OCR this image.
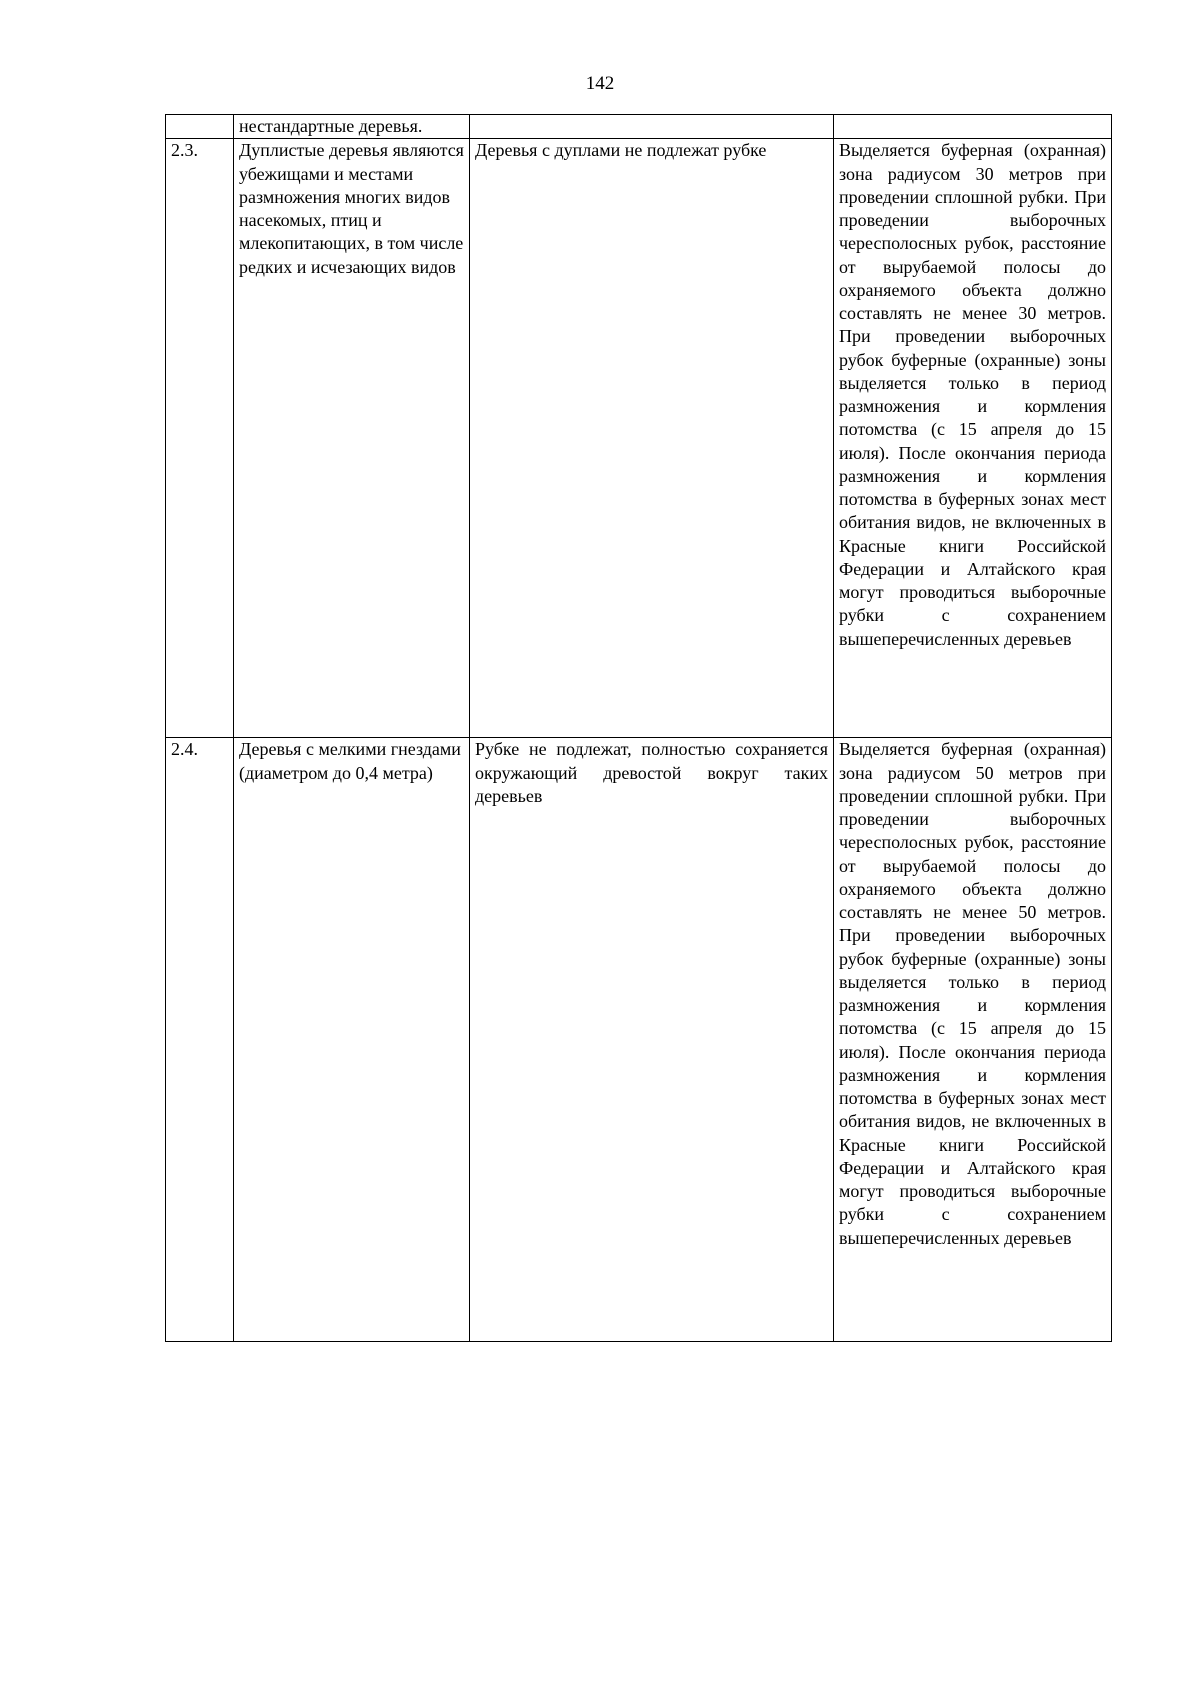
142
	нестандартные деревья.		
2.3.	Дуплистые деревья являются убежищами и местами размножения многих видов насекомых, птиц и млекопитающих, в том числе редких и исчезающих видов	Деревья с дуплами не подлежат рубке	Выделяется буферная (охранная) зона радиусом 30 метров при проведении сплошной рубки. При проведении выборочных чересполосных рубок, расстояние от вырубаемой полосы до охраняемого объекта должно составлять не менее 30 метров. При проведении выборочных рубок буферные (охранные) зоны выделяется только в период размножения и кормления потомства (с 15 апреля до 15 июля). После окончания периода размножения и кормления потомства в буферных зонах мест обитания видов, не включенных в Красные книги Российской Федерации и Алтайского края могут проводиться выборочные рубки с сохранением вышеперечисленных деревьев
2.4.	Деревья с мелкими гнездами (диаметром до 0,4 метра)	Рубке не подлежат, полностью сохраняется окружающий древостой вокруг таких деревьев	Выделяется буферная (охранная) зона радиусом 50 метров при проведении сплошной рубки. При проведении выборочных чересполосных рубок, расстояние от вырубаемой полосы до охраняемого объекта должно составлять не менее 50 метров. При проведении выборочных рубок буферные (охранные) зоны выделяется только в период размножения и кормления потомства (с 15 апреля до 15 июля). После окончания периода размножения и кормления потомства в буферных зонах мест обитания видов, не включенных в Красные книги Российской Федерации и Алтайского края могут проводиться выборочные рубки с сохранением вышеперечисленных деревьев
